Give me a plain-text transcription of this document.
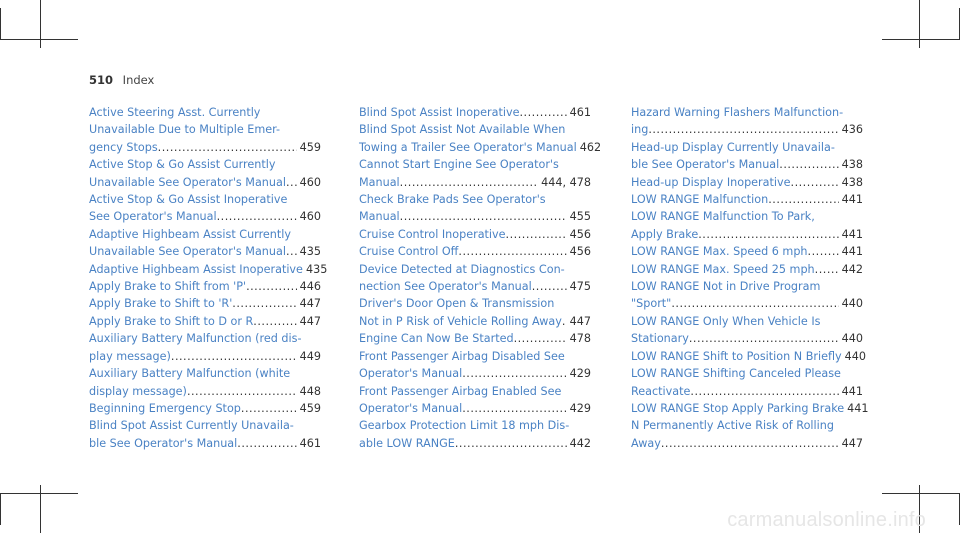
510 Index
Active Steering Asst. Currently
Unavailable Due to Multiple Emer-
gency Stops .....	459
Active Stop & Go Assist Currently
Unavailable See Operator's Manual ..... 460
Active Stop & Go Assist Inoperative
See Operator's Manual .....	460
Adaptive Highbeam Assist Currently
Unavailable See Operator's Manual ..... 435
Adaptive Highbeam Assist Inoperative 435
Apply Brake to Shift from 'P' .....	446
Apply Brake to Shift to 'R' .....	447
Apply Brake to Shift to D or R .....	447
Auxiliary Battery Malfunction (red dis-
play message) .....	449
Auxiliary Battery Malfunction (white
display message) .....	448
Beginning Emergency Stop .....	459
Blind Spot Assist Currently Unavaila-
ble See Operator's Manual .....	461
Blind Spot Assist Inoperative .....	461
Blind Spot Assist Not Available When
Towing a Trailer See Operator's Manual 462
Cannot Start Engine See Operator's
Manual .....	444, 478
Check Brake Pads See Operator's
Manual .....	455
Cruise Control Inoperative .....	456
Cruise Control Off .....	456
Device Detected at Diagnostics Con-
nection See Operator's Manual .....	475
Driver's Door Open & Transmission
Not in P Risk of Vehicle Rolling Away ..... 447
Engine Can Now Be Started .....	478
Front Passenger Airbag Disabled See
Operator's Manual .....	429
Front Passenger Airbag Enabled See
Operator's Manual .....	429
Gearbox Protection Limit 18 mph Dis-
able LOW RANGE .....	442
Hazard Warning Flashers Malfunction-
ing .....	436
Head-up Display Currently Unavaila-
ble See Operator's Manual .....	438
Head-up Display Inoperative .....	438
LOW RANGE Malfunction .....	441
LOW RANGE Malfunction To Park,
Apply Brake .....	441
LOW RANGE Max. Speed 6 mph .....	441
LOW RANGE Max. Speed 25 mph ..... 442
LOW RANGE Not in Drive Program
"Sport" .....	440
LOW RANGE Only When Vehicle Is
Stationary .....	440
LOW RANGE Shift to Position N Briefly 440
LOW RANGE Shifting Canceled Please
Reactivate .....	441
LOW RANGE Stop Apply Parking Brake 441
N Permanently Active Risk of Rolling
Away .....	447
carmanualsonline.info
